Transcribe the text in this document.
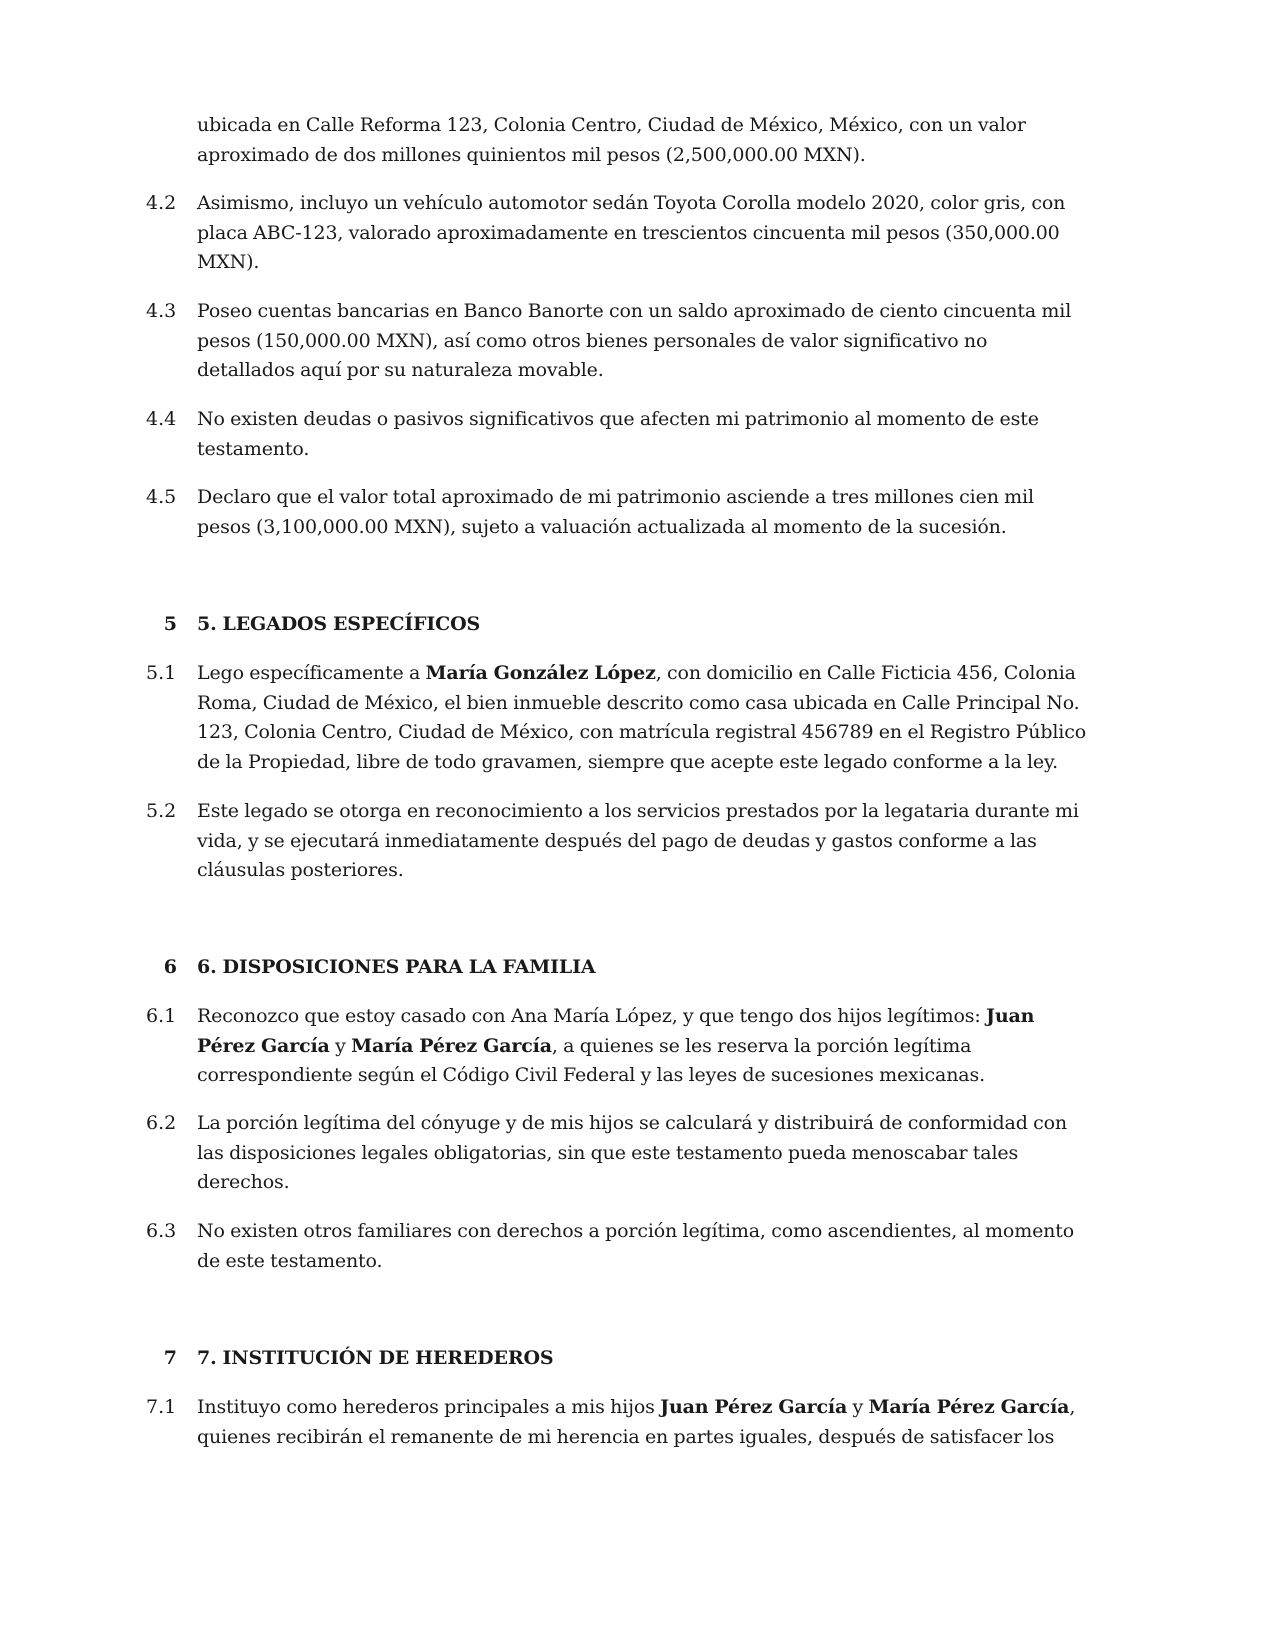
ubicada en Calle Reforma 123, Colonia Centro, Ciudad de México, México, con un valor aproximado de dos millones quinientos mil pesos (2,500,000.00 MXN).
4.2	Asimismo, incluyo un vehículo automotor sedán Toyota Corolla modelo 2020, color gris, con placa ABC-123, valorado aproximadamente en trescientos cincuenta mil pesos (350,000.00 MXN).
4.3	Poseo cuentas bancarias en Banco Banorte con un saldo aproximado de ciento cincuenta mil pesos (150,000.00 MXN), así como otros bienes personales de valor significativo no detallados aquí por su naturaleza movable.
4.4	No existen deudas o pasivos significativos que afecten mi patrimonio al momento de este testamento.
4.5	Declaro que el valor total aproximado de mi patrimonio asciende a tres millones cien mil pesos (3,100,000.00 MXN), sujeto a valuación actualizada al momento de la sucesión.
5	5. LEGADOS ESPECÍFICOS
5.1	Lego específicamente a María González López, con domicilio en Calle Ficticia 456, Colonia Roma, Ciudad de México, el bien inmueble descrito como casa ubicada en Calle Principal No. 123, Colonia Centro, Ciudad de México, con matrícula registral 456789 en el Registro Público de la Propiedad, libre de todo gravamen, siempre que acepte este legado conforme a la ley.
5.2	Este legado se otorga en reconocimiento a los servicios prestados por la legataria durante mi vida, y se ejecutará inmediatamente después del pago de deudas y gastos conforme a las cláusulas posteriores.
6	6. DISPOSICIONES PARA LA FAMILIA
6.1	Reconozco que estoy casado con Ana María López, y que tengo dos hijos legítimos: Juan Pérez García y María Pérez García, a quienes se les reserva la porción legítima correspondiente según el Código Civil Federal y las leyes de sucesiones mexicanas.
6.2	La porción legítima del cónyuge y de mis hijos se calculará y distribuirá de conformidad con las disposiciones legales obligatorias, sin que este testamento pueda menoscabar tales derechos.
6.3	No existen otros familiares con derechos a porción legítima, como ascendientes, al momento de este testamento.
7	7. INSTITUCIÓN DE HEREDEROS
7.1	Instituyo como herederos principales a mis hijos Juan Pérez García y María Pérez García, quienes recibirán el remanente de mi herencia en partes iguales, después de satisfacer los
